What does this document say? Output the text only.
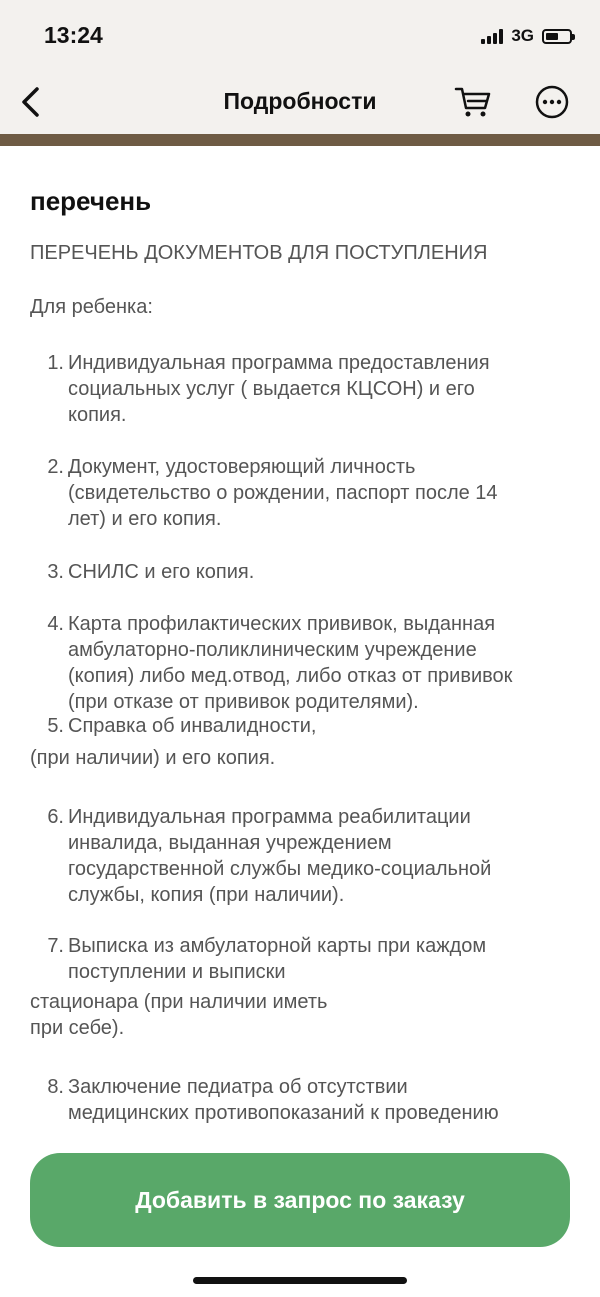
13:24	3G
Подробности
перечень
ПЕРЕЧЕНЬ ДОКУМЕНТОВ ДЛЯ ПОСТУПЛЕНИЯ
Для ребенка:
1. Индивидуальная программа предоставления
социальных услуг ( выдается КЦСОН) и его
копия.
2. Документ, удостоверяющий личность
(свидетельство о рождении, паспорт после 14
лет) и его копия.
3. СНИЛС и его копия.
4. Карта профилактических прививок, выданная
амбулаторно-поликлиническим учреждение
(копия) либо мед.отвод, либо отказ от прививок
(при отказе от прививок родителями).
5. Справка об инвалидности,
(при наличии) и его копия.
6. Индивидуальная программа реабилитации
инвалида, выданная учреждением
государственной службы медико-социальной
службы, копия (при наличии).
7. Выписка из амбулаторной карты при каждом
поступлении и выписки
стационара (при наличии иметь
при себе).
8. Заключение педиатра об отсутствии
медицинских противопоказаний к проведению
Добавить в запрос по заказу
